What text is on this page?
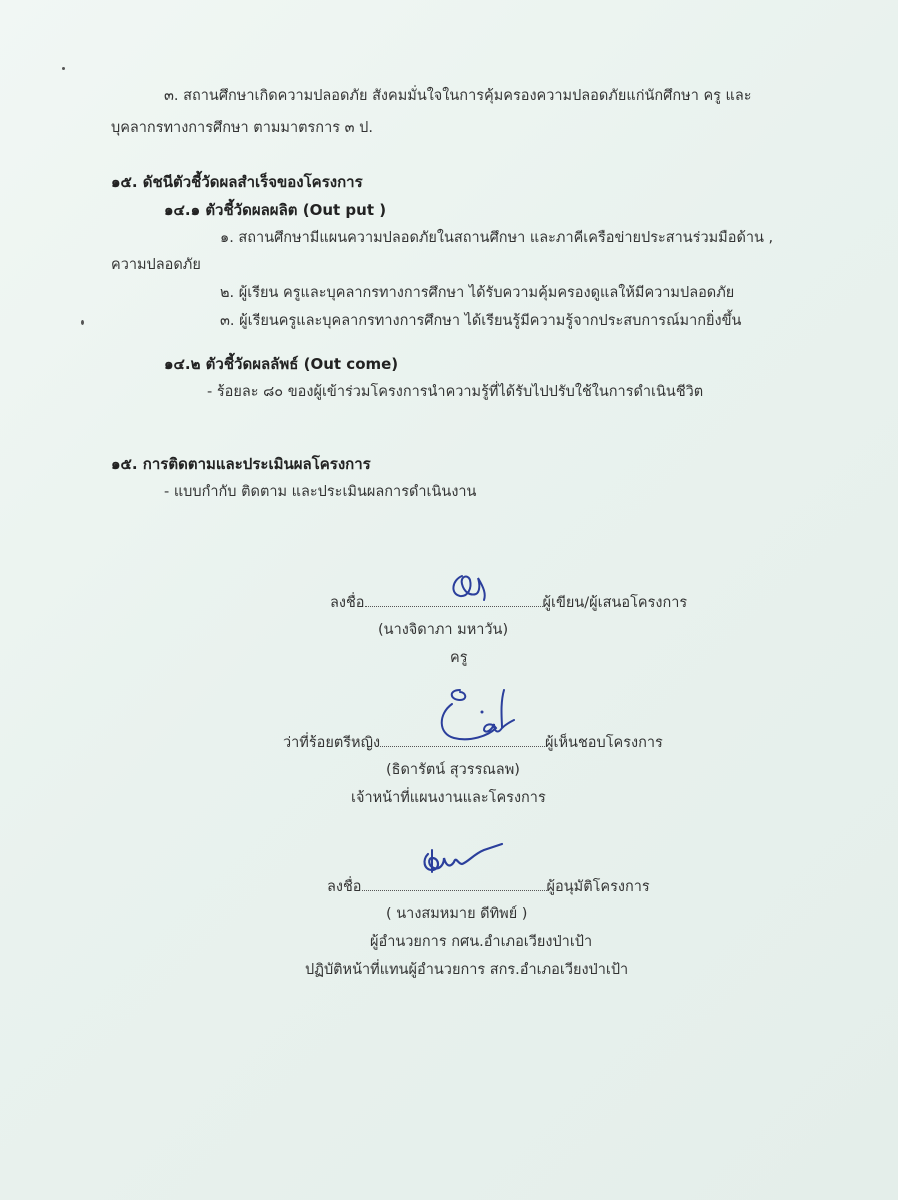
๓. สถานศึกษาเกิดความปลอดภัย สังคมมั่นใจในการคุ้มครองความปลอดภัยแก่นักศึกษา ครู และ
บุคลากรทางการศึกษา ตามมาตรการ ๓ ป.
๑๕. ดัชนีตัวชี้วัดผลสำเร็จของโครงการ
๑๔.๑ ตัวชี้วัดผลผลิต (Out put )
๑. สถานศึกษามีแผนความปลอดภัยในสถานศึกษา และภาคีเครือข่ายประสานร่วมมือด้าน ,
ความปลอดภัย
๒. ผู้เรียน ครูและบุคลากรทางการศึกษา ได้รับความคุ้มครองดูแลให้มีความปลอดภัย
๓. ผู้เรียนครูและบุคลากรทางการศึกษา ได้เรียนรู้มีความรู้จากประสบการณ์มากยิ่งขึ้น
๑๔.๒ ตัวชี้วัดผลลัพธ์ (Out come)
- ร้อยละ ๘๐ ของผู้เข้าร่วมโครงการนำความรู้ที่ได้รับไปปรับใช้ในการดำเนินชีวิต
๑๕. การติดตามและประเมินผลโครงการ
- แบบกำกับ ติดตาม และประเมินผลการดำเนินงาน
ลงชื่อ	ผู้เขียน/ผู้เสนอโครงการ
(นางจิดาภา มหาวัน)
ครู
ว่าที่ร้อยตรีหญิง	ผู้เห็นชอบโครงการ
(ธิดารัตน์ สุวรรณลพ)
เจ้าหน้าที่แผนงานและโครงการ
ลงชื่อ	ผู้อนุมัติโครงการ
( นางสมหมาย ดีทิพย์ )
ผู้อำนวยการ กศน.อำเภอเวียงป่าเป้า
ปฏิบัติหน้าที่แทนผู้อำนวยการ สกร.อำเภอเวียงป่าเป้า
